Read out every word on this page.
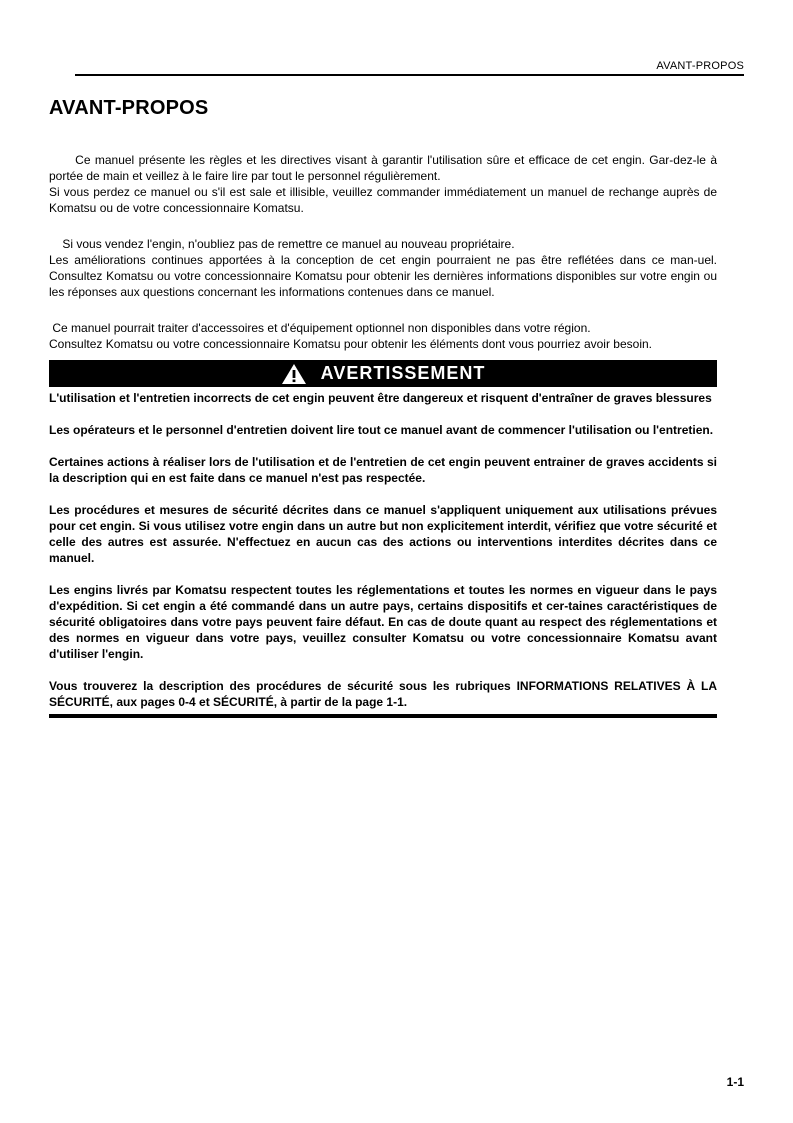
AVANT-PROPOS
AVANT-PROPOS

Ce manuel présente les règles et les directives visant à garantir l'utilisation sûre et efficace de cet engin. Gar-dez-le à portée de main et veillez à le faire lire par tout le personnel régulièrement.

Si vous perdez ce manuel ou s'il est sale et illisible, veuillez commander immédiatement un manuel de rechange auprès de Komatsu ou de votre concessionnaire Komatsu.

Si vous vendez l'engin, n'oubliez pas de remettre ce manuel au nouveau propriétaire.

Les améliorations continues apportées à la conception de cet engin pourraient ne pas être reflétées dans ce man-uel. Consultez Komatsu ou votre concessionnaire Komatsu pour obtenir les dernières informations disponibles sur votre engin ou les réponses aux questions concernant les informations contenues dans ce manuel.

Ce manuel pourrait traiter d'accessoires et d'équipement optionnel non disponibles dans votre région.

Consultez Komatsu ou votre concessionnaire Komatsu pour obtenir les éléments dont vous pourriez avoir besoin.

AVERTISSEMENT

L'utilisation et l'entretien incorrects de cet engin peuvent être dangereux et risquent d'entraîner de graves blessures

Les opérateurs et le personnel d'entretien doivent lire tout ce manuel avant de commencer l'utilisation ou l'entretien.

Certaines actions à réaliser lors de l'utilisation et de l'entretien de cet engin peuvent entrainer de graves accidents si la description qui en est faite dans ce manuel n'est pas respectée.

Les procédures et mesures de sécurité décrites dans ce manuel s'appliquent uniquement aux utilisations prévues pour cet engin. Si vous utilisez votre engin dans un autre but non explicitement interdit, vérifiez que votre sécurité et celle des autres est assurée. N'effectuez en aucun cas des actions ou interventions interdites décrites dans ce manuel.

Les engins livrés par Komatsu respectent toutes les réglementations et toutes les normes en vigueur dans le pays d'expédition. Si cet engin a été commandé dans un autre pays, certains dispositifs et cer-taines caractéristiques de sécurité obligatoires dans votre pays peuvent faire défaut. En cas de doute quant au respect des réglementations et des normes en vigueur dans votre pays, veuillez consulter Komatsu ou votre concessionnaire Komatsu avant d'utiliser l'engin.

Vous trouverez la description des procédures de sécurité sous les rubriques INFORMATIONS RELATIVES À LA SÉCURITÉ, aux pages 0-4 et SÉCURITÉ, à partir de la page 1-1.

1-1
